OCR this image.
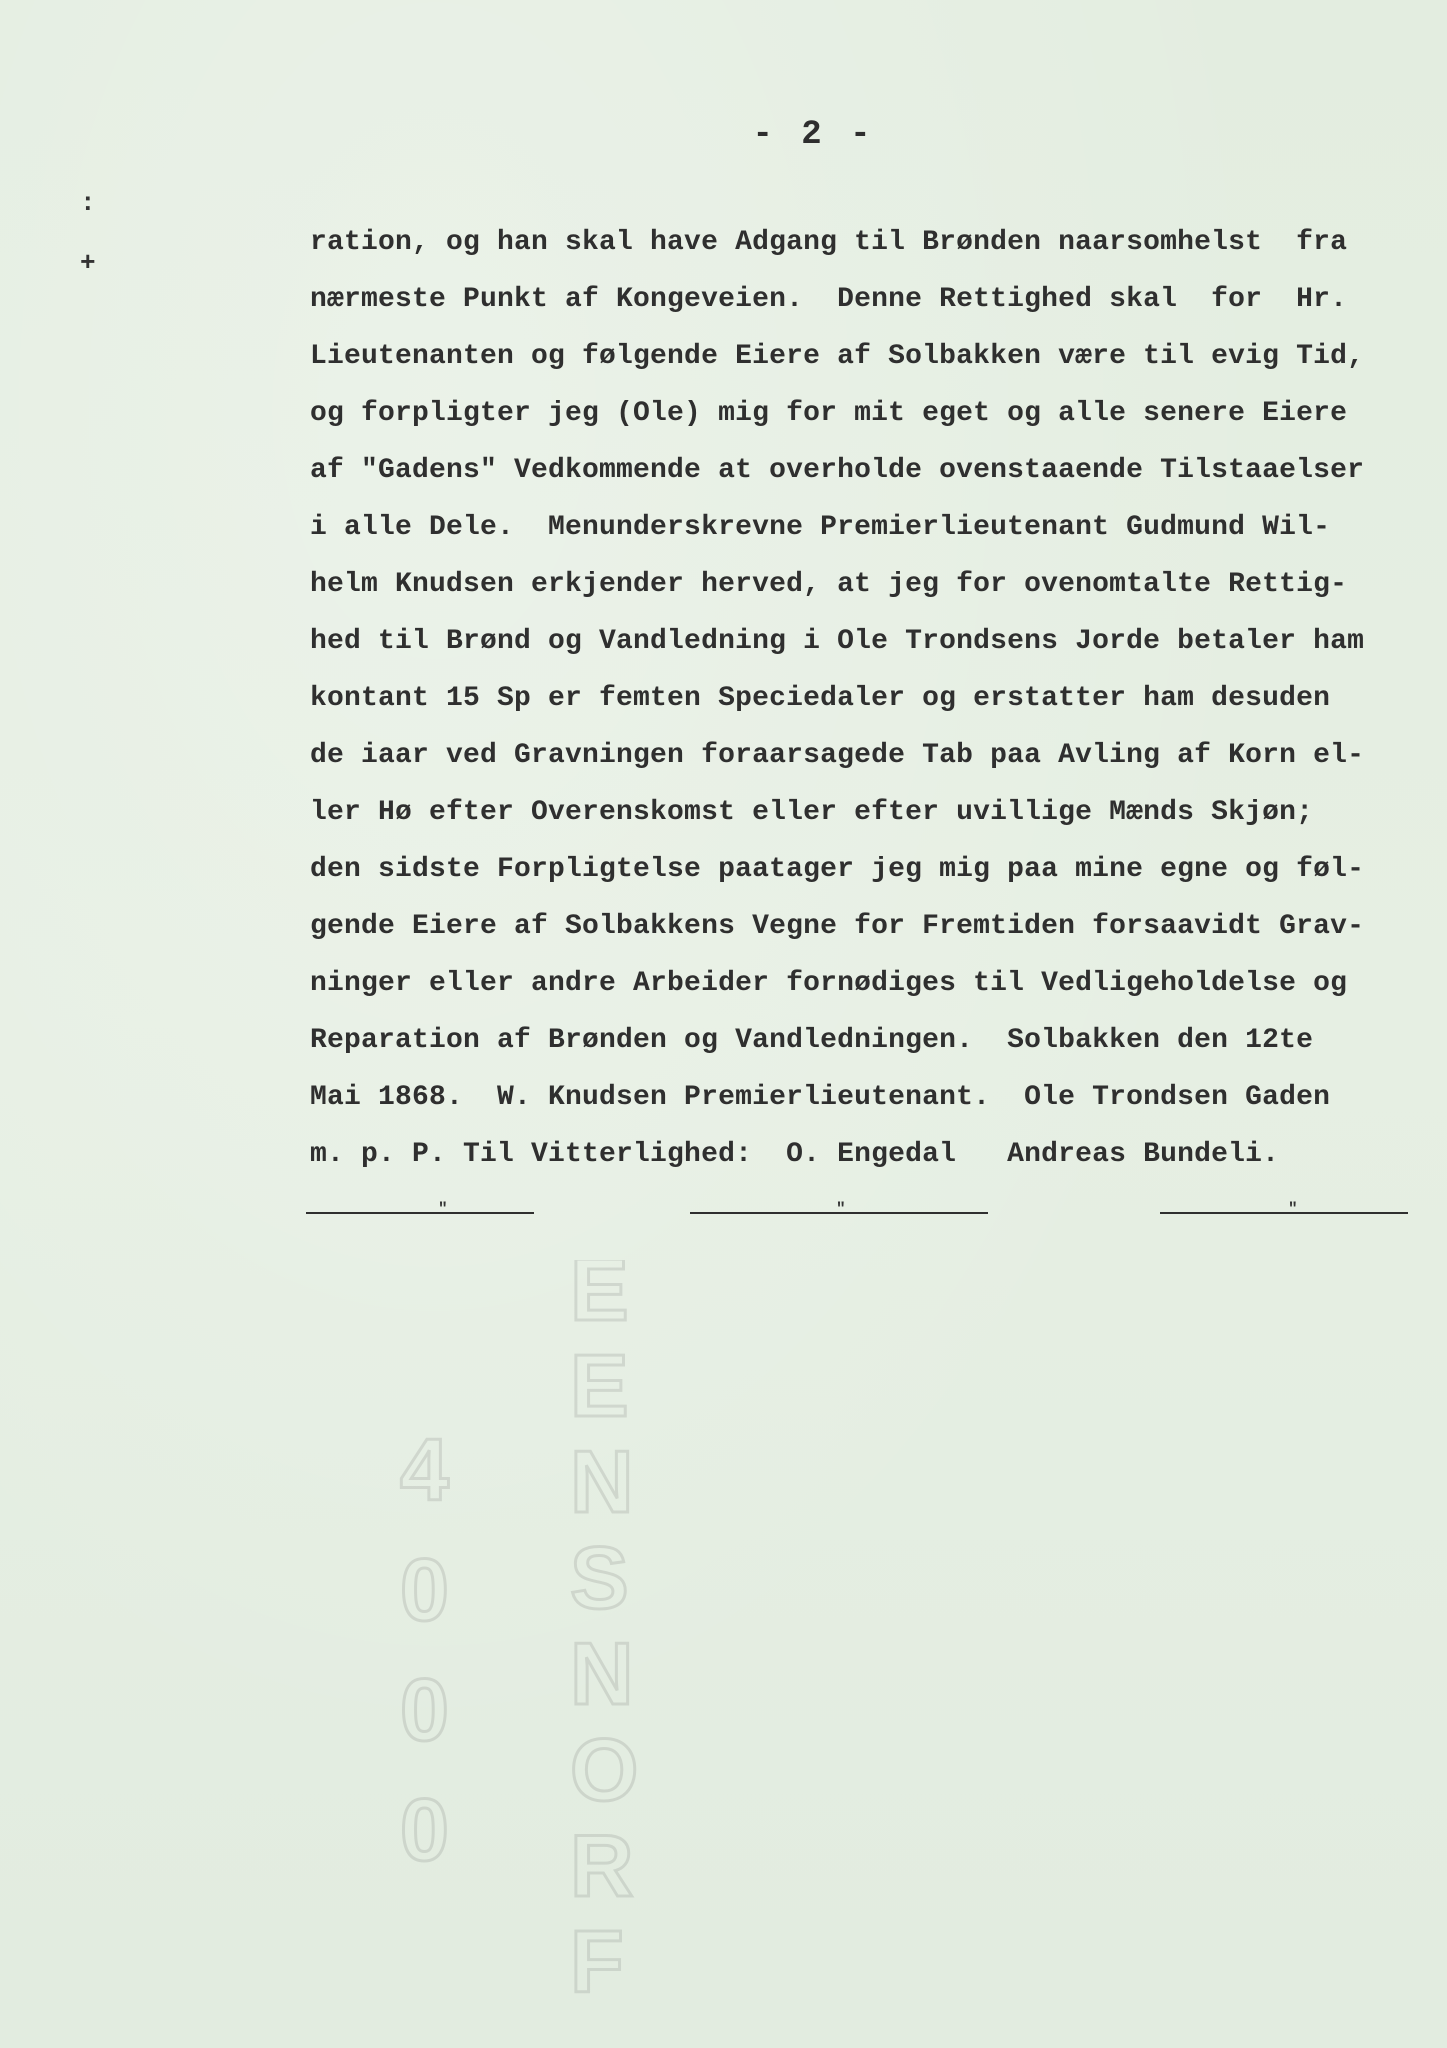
:
+
- 2 -
4 0 0 0
E E N S N O R F
ration, og han skal have Adgang til Brønden naarsomhelst  fra
nærmeste Punkt af Kongeveien.  Denne Rettighed skal  for  Hr.
Lieutenanten og følgende Eiere af Solbakken være til evig Tid,
og forpligter jeg (Ole) mig for mit eget og alle senere Eiere
af "Gadens" Vedkommende at overholde ovenstaaende Tilstaaelser
i alle Dele.  Menunderskrevne Premierlieutenant Gudmund Wil-
helm Knudsen erkjender herved, at jeg for ovenomtalte Rettig-
hed til Brønd og Vandledning i Ole Trondsens Jorde betaler ham
kontant 15 Sp er femten Speciedaler og erstatter ham desuden
de iaar ved Gravningen foraarsagede Tab paa Avling af Korn el-
ler Hø efter Overenskomst eller efter uvillige Mænds Skjøn;
den sidste Forpligtelse paatager jeg mig paa mine egne og føl-
gende Eiere af Solbakkens Vegne for Fremtiden forsaavidt Grav-
ninger eller andre Arbeider fornødiges til Vedligeholdelse og
Reparation af Brønden og Vandledningen.  Solbakken den 12te
Mai 1868.  W. Knudsen Premierlieutenant.  Ole Trondsen Gaden
m. p. P. Til Vitterlighed:  O. Engedal   Andreas Bundeli.
"	"	"
